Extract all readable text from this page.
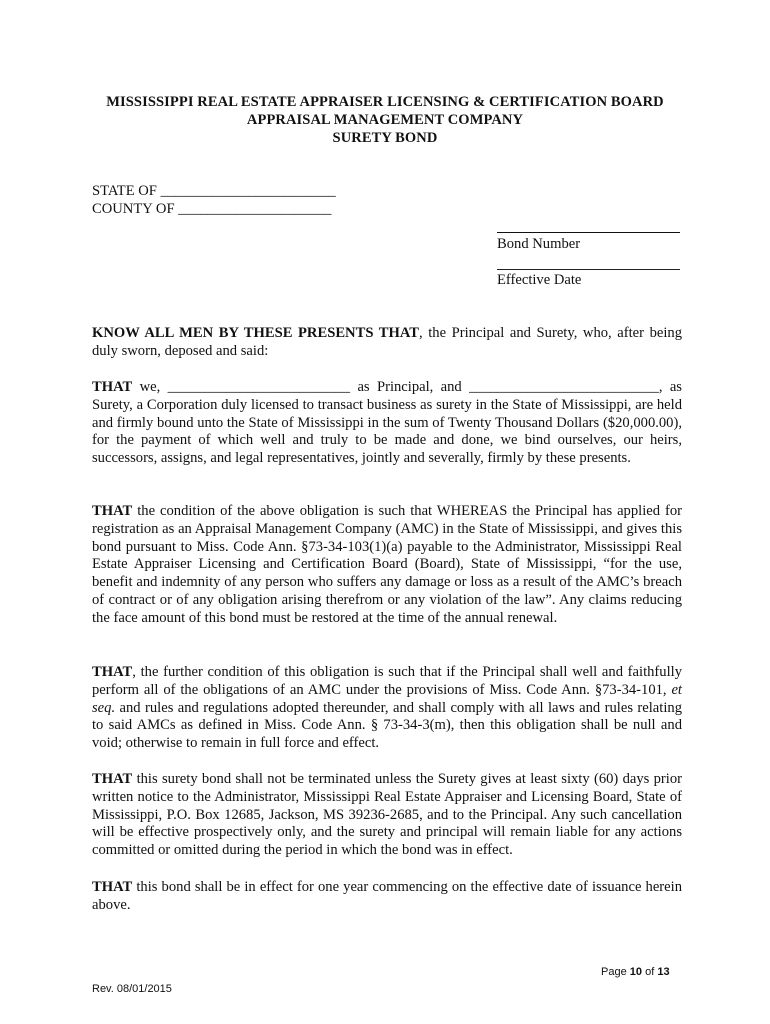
MISSISSIPPI REAL ESTATE APPRAISER LICENSING & CERTIFICATION BOARD
APPRAISAL MANAGEMENT COMPANY
SURETY BOND
STATE OF ________________________
COUNTY OF _____________________
Bond Number
Effective Date

KNOW ALL MEN BY THESE PRESENTS THAT, the Principal and Surety, who, after being duly sworn, deposed and said:

THAT we, _________________________ as Principal, and __________________________, as Surety, a Corporation duly licensed to transact business as surety in the State of Mississippi, are held and firmly bound unto the State of Mississippi in the sum of Twenty Thousand Dollars ($20,000.00), for the payment of which well and truly to be made and done, we bind ourselves, our heirs, successors, assigns, and legal representatives, jointly and severally, firmly by these presents.

THAT the condition of the above obligation is such that WHEREAS the Principal has applied for registration as an Appraisal Management Company (AMC) in the State of Mississippi, and gives this bond pursuant to Miss. Code Ann. §73-34-103(1)(a) payable to the Administrator, Mississippi Real Estate Appraiser Licensing and Certification Board (Board), State of Mississippi, “for the use, benefit and indemnity of any person who suffers any damage or loss as a result of the AMC’s breach of contract or of any obligation arising therefrom or any violation of the law”. Any claims reducing the face amount of this bond must be restored at the time of the annual renewal.

THAT, the further condition of this obligation is such that if the Principal shall well and faithfully perform all of the obligations of an AMC under the provisions of Miss. Code Ann. §73-34-101, et seq. and rules and regulations adopted thereunder, and shall comply with all laws and rules relating to said AMCs as defined in Miss. Code Ann. § 73-34-3(m), then this obligation shall be null and void; otherwise to remain in full force and effect.

THAT this surety bond shall not be terminated unless the Surety gives at least sixty (60) days prior written notice to the Administrator, Mississippi Real Estate Appraiser and Licensing Board, State of Mississippi, P.O. Box 12685, Jackson, MS 39236-2685, and to the Principal. Any such cancellation will be effective prospectively only, and the surety and principal will remain liable for any actions committed or omitted during the period in which the bond was in effect.

THAT this bond shall be in effect for one year commencing on the effective date of issuance herein above.

Page 10 of 13
Rev. 08/01/2015
